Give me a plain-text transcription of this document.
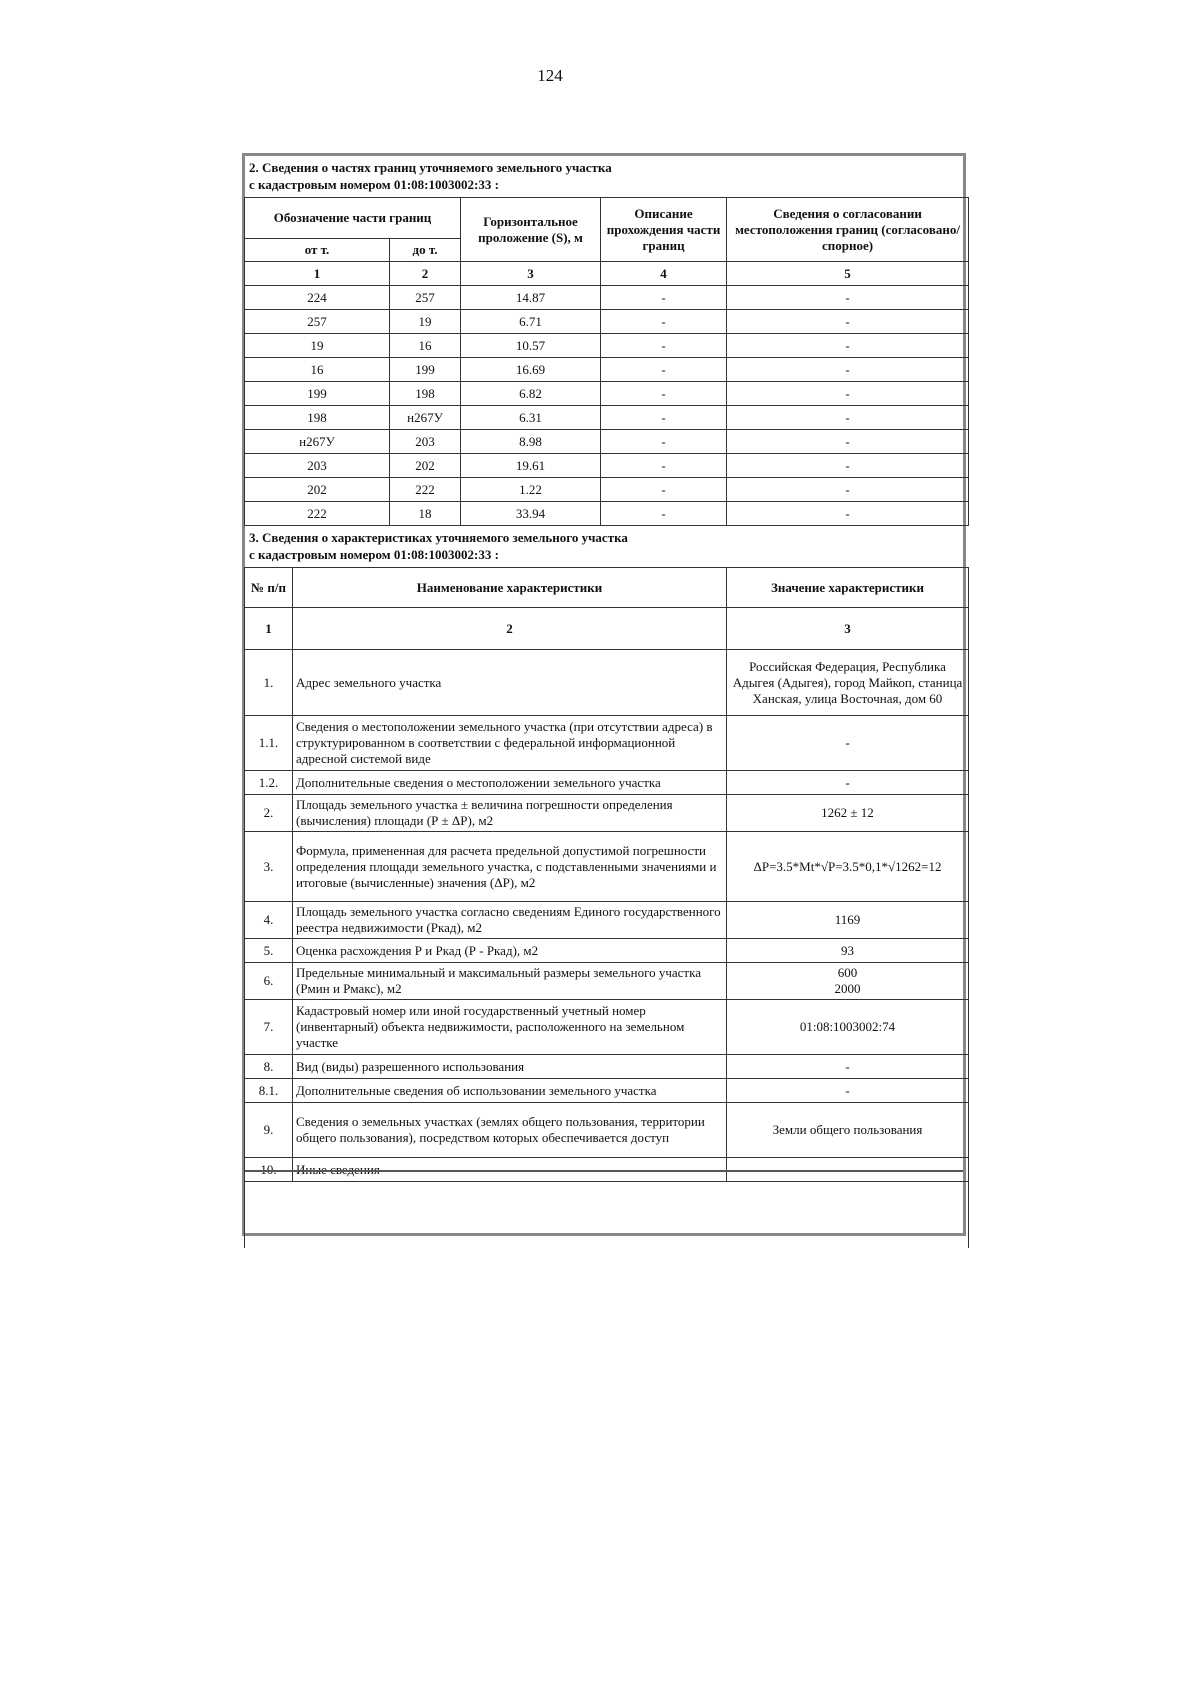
124
2. Сведения о частях границ уточняемого земельного участка
с кадастровым номером 01:08:1003002:33 :
Обозначение части границ		Горизонтальное проложение (S), м	Описание прохождения части границ	Сведения о согласовании местоположения границ (согласовано/спорное)
от т.	до т.			
1	2	3	4	5
224	257	14.87	-	-
257	19	6.71	-	-
19	16	10.57	-	-
16	199	16.69	-	-
199	198	6.82	-	-
198	н267У	6.31	-	-
н267У	203	8.98	-	-
203	202	19.61	-	-
202	222	1.22	-	-
222	18	33.94	-	-
3. Сведения о характеристиках уточняемого земельного участка
с кадастровым номером 01:08:1003002:33 :
№ п/п	Наименование характеристики	Значение характеристики
1	2	3
1.	Адрес земельного участка	Российская Федерация, Республика Адыгея (Адыгея), город Майкоп, станица Ханская, улица Восточная, дом 60
1.1.	Сведения о местоположении земельного участка (при отсутствии адреса) в структурированном в соответствии с федеральной информационной адресной системой виде	-
1.2.	Дополнительные сведения о местоположении земельного участка	-
2.	Площадь земельного участка ± величина погрешности определения (вычисления) площади (Р ± ΔР), м2	1262 ± 12
3.	Формула, примененная для расчета предельной допустимой погрешности определения площади земельного участка, с подставленными значениями и итоговые (вычисленные) значения (ΔР), м2	ΔР=3.5*Mt*√Р=3.5*0,1*√1262=12
4.	Площадь земельного участка согласно сведениям Единого государственного реестра недвижимости (Ркад), м2	1169
5.	Оценка расхождения Р и Ркад (Р - Ркад), м2	93
6.	Предельные минимальный и максимальный размеры земельного участка (Рмин и Рмакс), м2	600
2000
7.	Кадастровый номер или иной государственный учетный номер (инвентарный) объекта недвижимости, расположенного на земельном участке	01:08:1003002:74
8.	Вид (виды) разрешенного использования	-
8.1.	Дополнительные сведения об использовании земельного участка	-
9.	Сведения о земельных участках (землях общего пользования, территории общего пользования), посредством которых обеспечивается доступ	Земли общего пользования
10.	Иные сведения	-
